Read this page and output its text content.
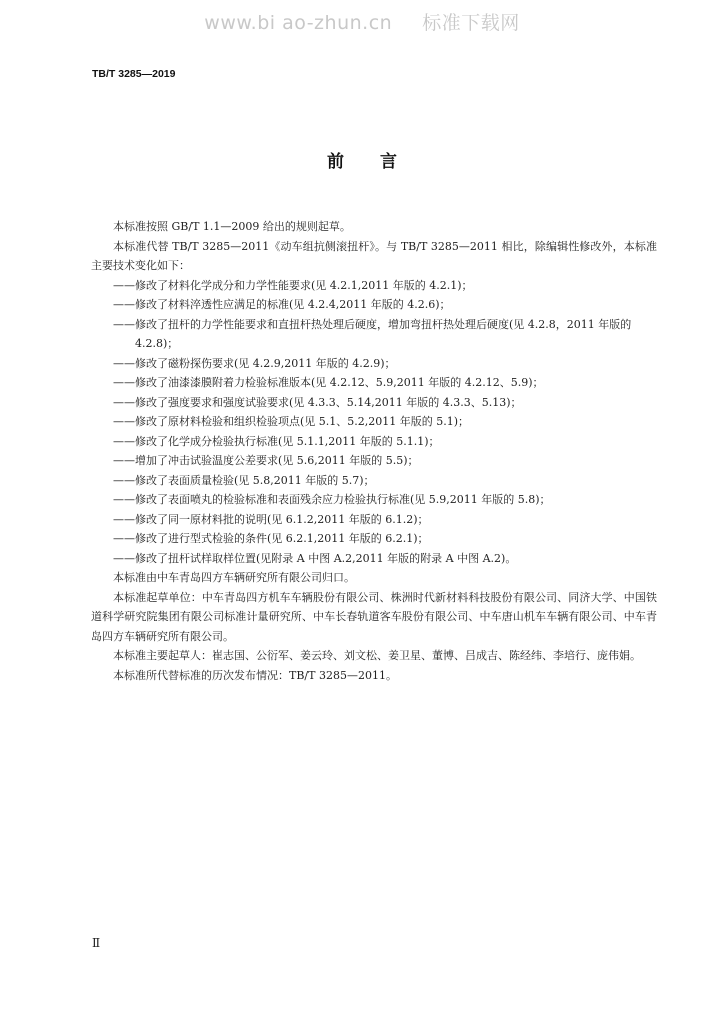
www.bi ao-zhun.cn 标准下载网
TB/T 3285—2019
前言

本标准按照 GB/T 1.1—2009 给出的规则起草。

本标准代替 TB/T 3285—2011《动车组抗侧滚扭杆》。与 TB/T 3285—2011 相比，除编辑性修改外，本标准主要技术变化如下：

——修改了材料化学成分和力学性能要求(见 4.2.1,2011 年版的 4.2.1)；

——修改了材料淬透性应满足的标准(见 4.2.4,2011 年版的 4.2.6)；

——修改了扭杆的力学性能要求和直扭杆热处理后硬度，增加弯扭杆热处理后硬度(见 4.2.8，2011 年版的 4.2.8)；

——修改了磁粉探伤要求(见 4.2.9,2011 年版的 4.2.9)；

——修改了油漆漆膜附着力检验标准版本(见 4.2.12、5.9,2011 年版的 4.2.12、5.9)；

——修改了强度要求和强度试验要求(见 4.3.3、5.14,2011 年版的 4.3.3、5.13)；

——修改了原材料检验和组织检验项点(见 5.1、5.2,2011 年版的 5.1)；

——修改了化学成分检验执行标准(见 5.1.1,2011 年版的 5.1.1)；

——增加了冲击试验温度公差要求(见 5.6,2011 年版的 5.5)；

——修改了表面质量检验(见 5.8,2011 年版的 5.7)；

——修改了表面喷丸的检验标准和表面残余应力检验执行标准(见 5.9,2011 年版的 5.8)；

——修改了同一原材料批的说明(见 6.1.2,2011 年版的 6.1.2)；

——修改了进行型式检验的条件(见 6.2.1,2011 年版的 6.2.1)；

——修改了扭杆试样取样位置(见附录 A 中图 A.2,2011 年版的附录 A 中图 A.2)。

本标准由中车青岛四方车辆研究所有限公司归口。

本标准起草单位：中车青岛四方机车车辆股份有限公司、株洲时代新材料科技股份有限公司、同济大学、中国铁道科学研究院集团有限公司标准计量研究所、中车长春轨道客车股份有限公司、中车唐山机车车辆有限公司、中车青岛四方车辆研究所有限公司。

本标准主要起草人：崔志国、公衍军、姜云玲、刘文松、姜卫星、董博、吕成吉、陈经纬、李培行、庞伟娟。

本标准所代替标准的历次发布情况：TB/T 3285—2011。

Ⅱ
